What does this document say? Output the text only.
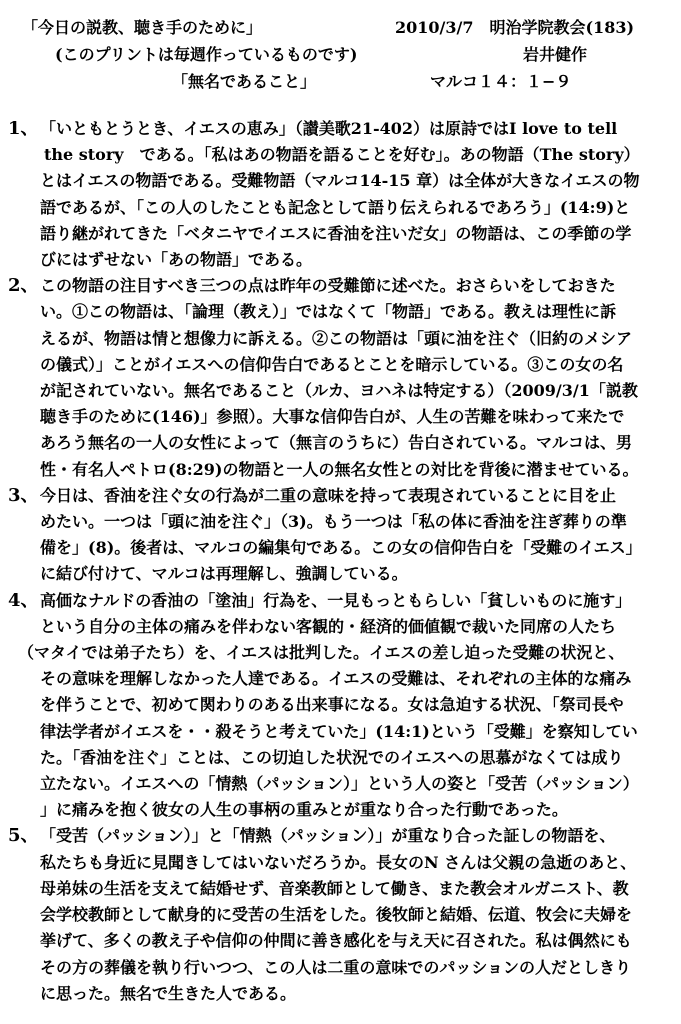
「今日の説教、聴き手のために」	2010/3/7　明治学院教会(183)
(このプリントは毎週作っているものです)	岩井健作
「無名であること」	マルコ１４：１−９
1、 「いともとうとき、イエスの恵み」（讃美歌21-402）は原詩ではI love to tell
the story　である。「私はあの物語を語ることを好む」。あの物語（The story）
とはイエスの物語である。受難物語（マルコ14-15 章）は全体が大きなイエスの物
語であるが、「この人のしたことも記念として語り伝えられるであろう」(14:9)と
語り継がれてきた「ベタニヤでイエスに香油を注いだ女」の物語は、この季節の学
びにはずせない「あの物語」である。
2、 この物語の注目すべき三つの点は昨年の受難節に述べた。おさらいをしておきた
い。①この物語は、「論理（教え）」ではなくて「物語」である。教えは理性に訴
えるが、物語は情と想像力に訴える。②この物語は「頭に油を注ぐ（旧約のメシア
の儀式）」ことがイエスへの信仰告白であるとことを暗示している。③この女の名
が記されていない。無名であること（ルカ、ヨハネは特定する）（2009/3/1「説教
聴き手のために(146)」参照）。大事な信仰告白が、人生の苦難を味わって来たで
あろう無名の一人の女性によって（無言のうちに）告白されている。マルコは、男
性・有名人ペトロ(8:29)の物語と一人の無名女性との対比を背後に潜ませている。
3、 今日は、香油を注ぐ女の行為が二重の意味を持って表現されていることに目を止
めたい。一つは「頭に油を注ぐ」（3)。もう一つは「私の体に香油を注ぎ葬りの準
備を」(8)。後者は、マルコの編集句である。この女の信仰告白を「受難のイエス」
に結び付けて、マルコは再理解し、強調している。
4、 高価なナルドの香油の「塗油」行為を、一見もっともらしい「貧しいものに施す」
という自分の主体の痛みを伴わない客観的・経済的価値観で裁いた同席の人たち
（マタイでは弟子たち）を、イエスは批判した。イエスの差し迫った受難の状況と、
その意味を理解しなかった人達である。イエスの受難は、それぞれの主体的な痛み
を伴うことで、初めて関わりのある出来事になる。女は急迫する状況、「祭司長や
律法学者がイエスを・・殺そうと考えていた」(14:1)という「受難」を察知してい
た。「香油を注ぐ」ことは、この切迫した状況でのイエスへの思慕がなくては成り
立たない。イエスへの「情熱（パッション）」という人の姿と「受苦（パッション）
」に痛みを抱く彼女の人生の事柄の重みとが重なり合った行動であった。
5、 「受苦（パッション）」と「情熱（パッション）」が重なり合った証しの物語を、
私たちも身近に見聞きしてはいないだろうか。長女のN さんは父親の急逝のあと、
母弟妹の生活を支えて結婚せず、音楽教師として働き、また教会オルガニスト、教
会学校教師として献身的に受苦の生活をした。後牧師と結婚、伝道、牧会に夫婦を
挙げて、多くの教え子や信仰の仲間に善き感化を与え天に召された。私は偶然にも
その方の葬儀を執り行いつつ、この人は二重の意味でのパッションの人だとしきり
に思った。無名で生きた人である。
